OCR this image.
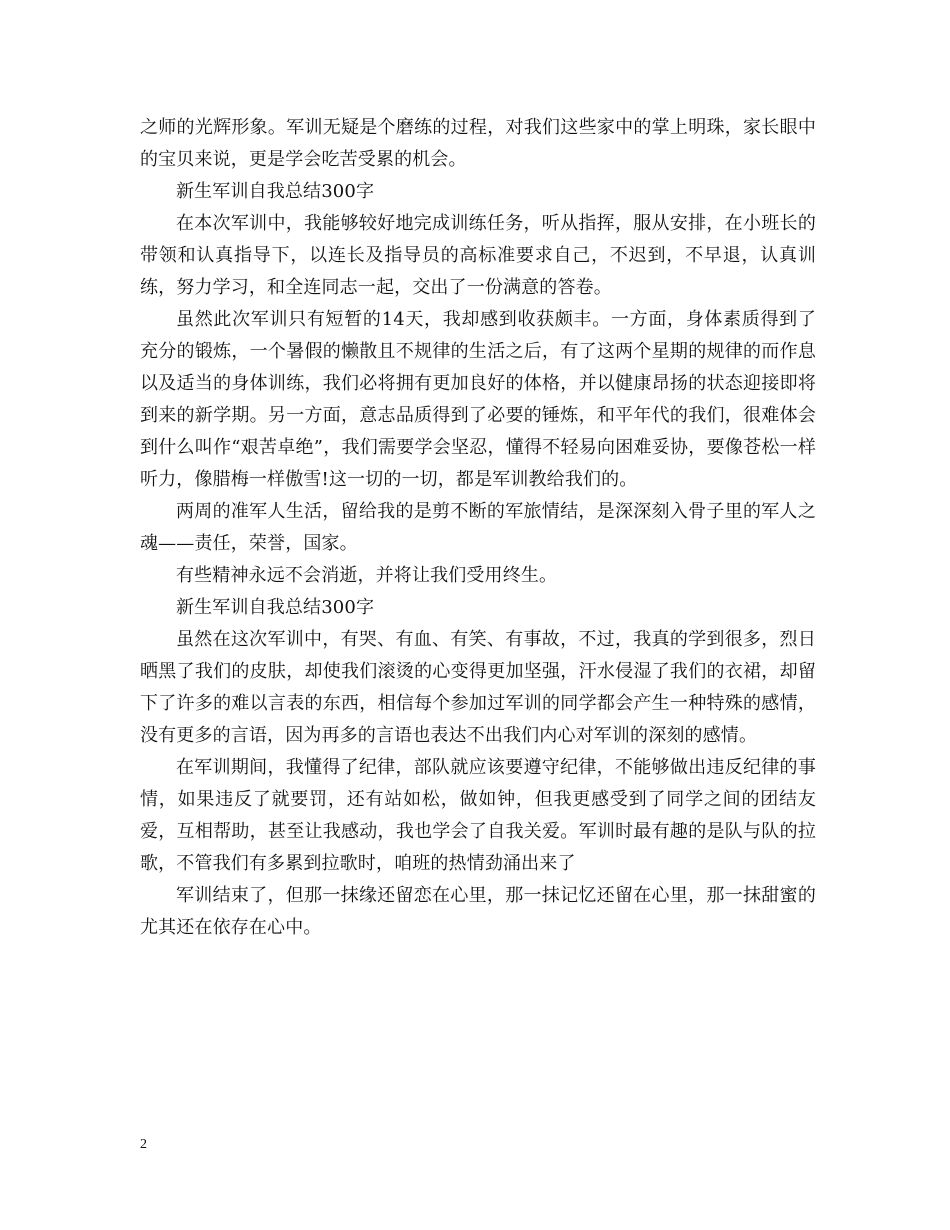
之师的光辉形象。军训无疑是个磨练的过程，对我们这些家中的掌上明珠，家长眼中的宝贝来说，更是学会吃苦受累的机会。

新生军训自我总结300字

在本次军训中，我能够较好地完成训练任务，听从指挥，服从安排，在小班长的带领和认真指导下，以连长及指导员的高标准要求自己，不迟到，不早退，认真训练，努力学习，和全连同志一起，交出了一份满意的答卷。

虽然此次军训只有短暂的14天，我却感到收获颇丰。一方面，身体素质得到了充分的锻炼，一个暑假的懒散且不规律的生活之后，有了这两个星期的规律的而作息以及适当的身体训练，我们必将拥有更加良好的体格，并以健康昂扬的状态迎接即将到来的新学期。另一方面，意志品质得到了必要的锤炼，和平年代的我们，很难体会到什么叫作“艰苦卓绝”，我们需要学会坚忍，懂得不轻易向困难妥协，要像苍松一样听力，像腊梅一样傲雪!这一切的一切，都是军训教给我们的。

两周的准军人生活，留给我的是剪不断的军旅情结，是深深刻入骨子里的军人之魂——责任，荣誉，国家。

有些精神永远不会消逝，并将让我们受用终生。

新生军训自我总结300字

虽然在这次军训中，有哭、有血、有笑、有事故，不过，我真的学到很多，烈日晒黑了我们的皮肤，却使我们滚烫的心变得更加坚强，汗水侵湿了我们的衣裙，却留下了许多的难以言表的东西，相信每个参加过军训的同学都会产生一种特殊的感情，没有更多的言语，因为再多的言语也表达不出我们内心对军训的深刻的感情。

在军训期间，我懂得了纪律，部队就应该要遵守纪律，不能够做出违反纪律的事情，如果违反了就要罚，还有站如松，做如钟，但我更感受到了同学之间的团结友爱，互相帮助，甚至让我感动，我也学会了自我关爱。军训时最有趣的是队与队的拉歌，不管我们有多累到拉歌时，咱班的热情劲涌出来了

军训结束了，但那一抹缘还留恋在心里，那一抹记忆还留在心里，那一抹甜蜜的尤其还在依存在心中。

2
